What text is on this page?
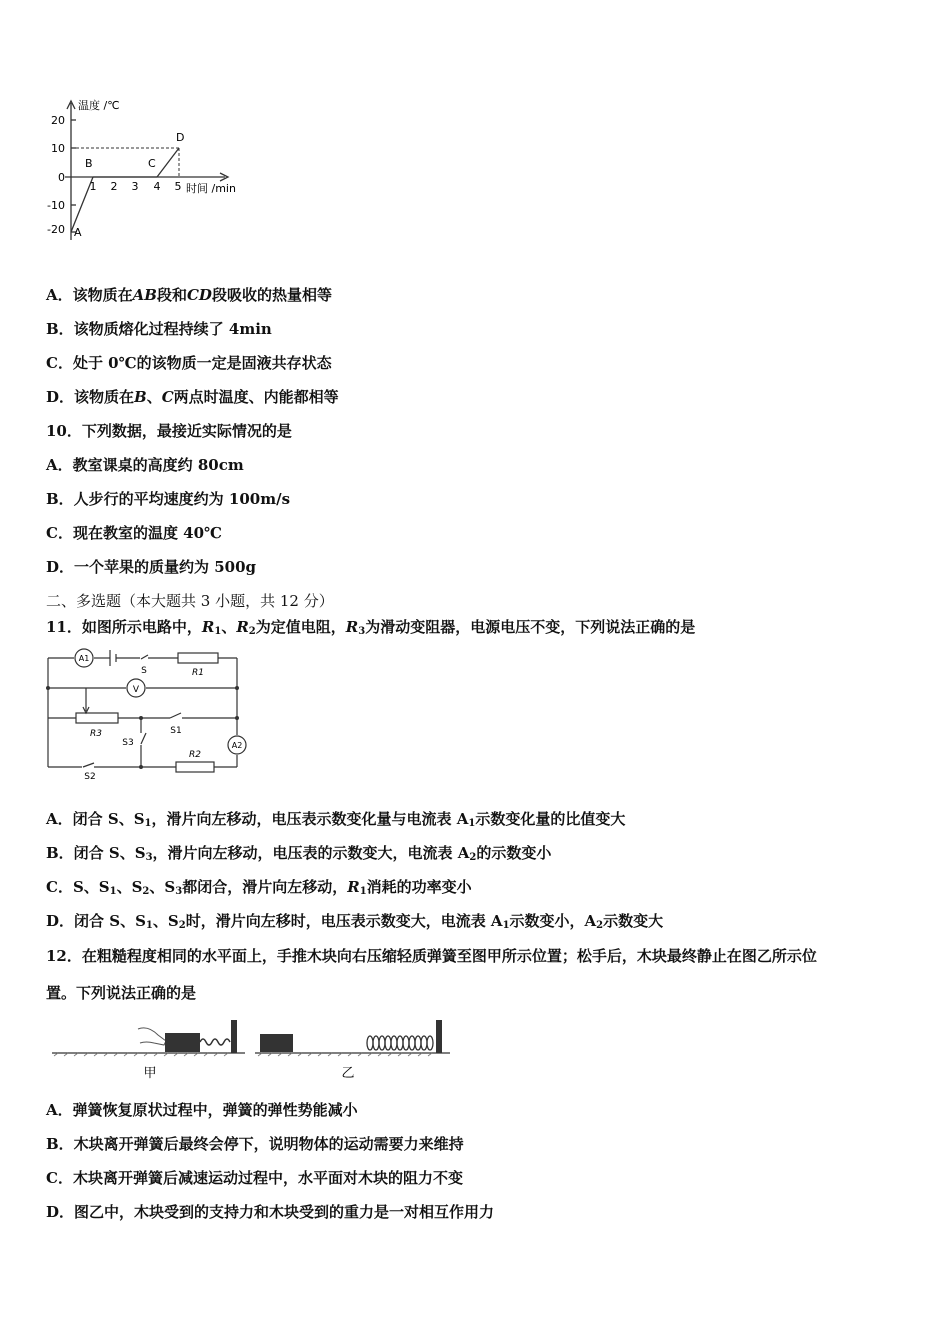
温度 /℃
时间 /min
20
10
0
-10
-20
1 2 3 4 5
A
B	C
D
A．该物质在AB段和CD段吸收的热量相等
B．该物质熔化过程持续了 4min
C．处于 0℃的该物质一定是固液共存状态
D．该物质在B、C两点时温度、内能都相等
10．下列数据，最接近实际情况的是
A．教室课桌的高度约 80cm
B．人步行的平均速度约为 100m/s
C．现在教室的温度 40℃
D．一个苹果的质量约为 500g
二、多选题（本大题共 3 小题，共 12 分）
11．如图所示电路中，$R_1$、$R_2$为定值电阻，$R_3$为滑动变阻器，电源电压不变，下列说法正确的是
A1
V
A2
S	R1
R3	S1
S3
R2
S2
A．闭合 S、$S_1$，滑片向左移动，电压表示数变化量与电流表 $A_1$示数变化量的比值变大
B．闭合 S、$S_3$，滑片向左移动，电压表的示数变大，电流表 $A_2$的示数变小
C．S、$S_1$、$S_2$、$S_3$都闭合，滑片向左移动，$R_1$消耗的功率变小
D．闭合 S、$S_1$、$S_2$时，滑片向左移时，电压表示数变大，电流表 $A_1$示数变小，$A_2$示数变大
12．在粗糙程度相同的水平面上，手推木块向右压缩轻质弹簧至图甲所示位置；松手后，木块最终静止在图乙所示位
置。下列说法正确的是
甲	乙
A．弹簧恢复原状过程中，弹簧的弹性势能减小
B．木块离开弹簧后最终会停下，说明物体的运动需要力来维持
C．木块离开弹簧后减速运动过程中，水平面对木块的阻力不变
D．图乙中，木块受到的支持力和木块受到的重力是一对相互作用力
